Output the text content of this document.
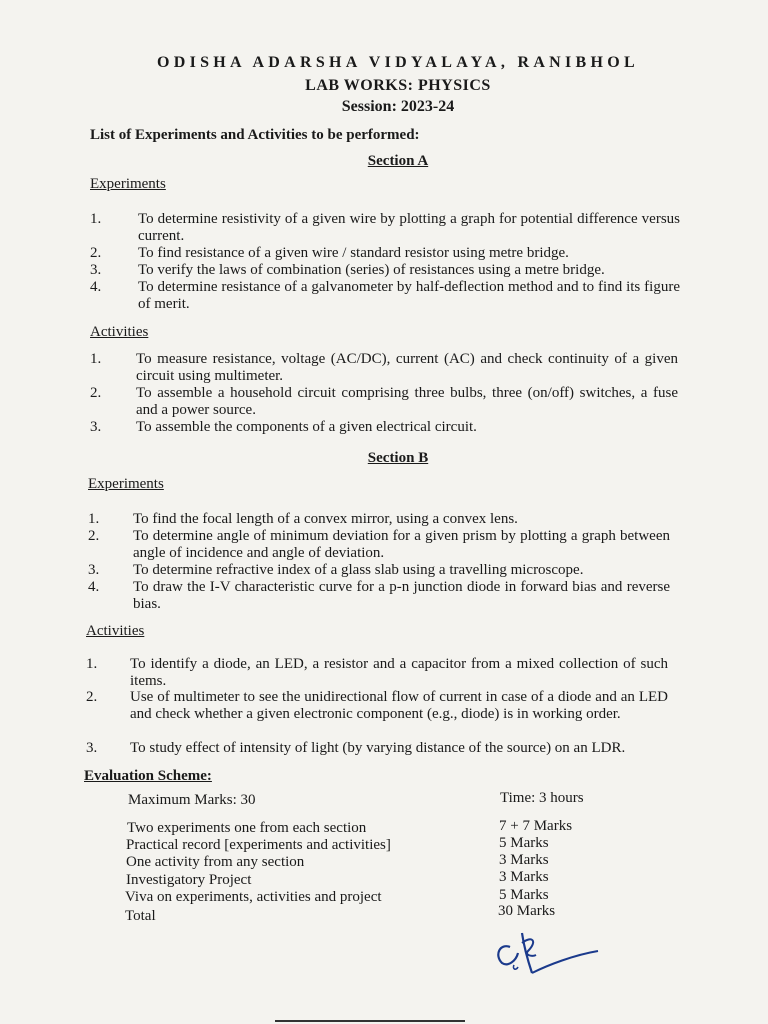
ODISHA ADARSHA VIDYALAYA, RANIBHOL
LAB WORKS: PHYSICS
Session: 2023-24
List of Experiments and Activities to be performed:
Section A
Experiments
1.	To determine resistivity of a given wire by plotting a graph for potential difference versus current.
2.	To find resistance of a given wire / standard resistor using metre bridge.
3.	To verify the laws of combination (series) of resistances using a metre bridge.
4.	To determine resistance of a galvanometer by half-deflection method and to find its figure of merit.
Activities
1.	To measure resistance, voltage (AC/DC), current (AC) and check continuity of a given circuit using multimeter.
2.	To assemble a household circuit comprising three bulbs, three (on/off) switches, a fuse and a power source.
3.	To assemble the components of a given electrical circuit.
Section B
Experiments
1.	To find the focal length of a convex mirror, using a convex lens.
2.	To determine angle of minimum deviation for a given prism by plotting a graph between angle of incidence and angle of deviation.
3.	To determine refractive index of a glass slab using a travelling microscope.
4.	To draw the I-V characteristic curve for a p-n junction diode in forward bias and reverse bias.
Activities
1.	To identify a diode, an LED, a resistor and a capacitor from a mixed collection of such items.
2.	Use of multimeter to see the unidirectional flow of current in case of a diode and an LED and check whether a given electronic component (e.g., diode) is in working order.
3.	To study effect of intensity of light (by varying distance of the source) on an LDR.
Evaluation Scheme:
Maximum Marks: 30	Time: 3 hours
Two experiments one from each section	7 + 7 Marks
Practical record [experiments and activities]	5 Marks
One activity from any section	3 Marks
Investigatory Project	3 Marks
Viva on experiments, activities and project	5 Marks
Total	30 Marks
